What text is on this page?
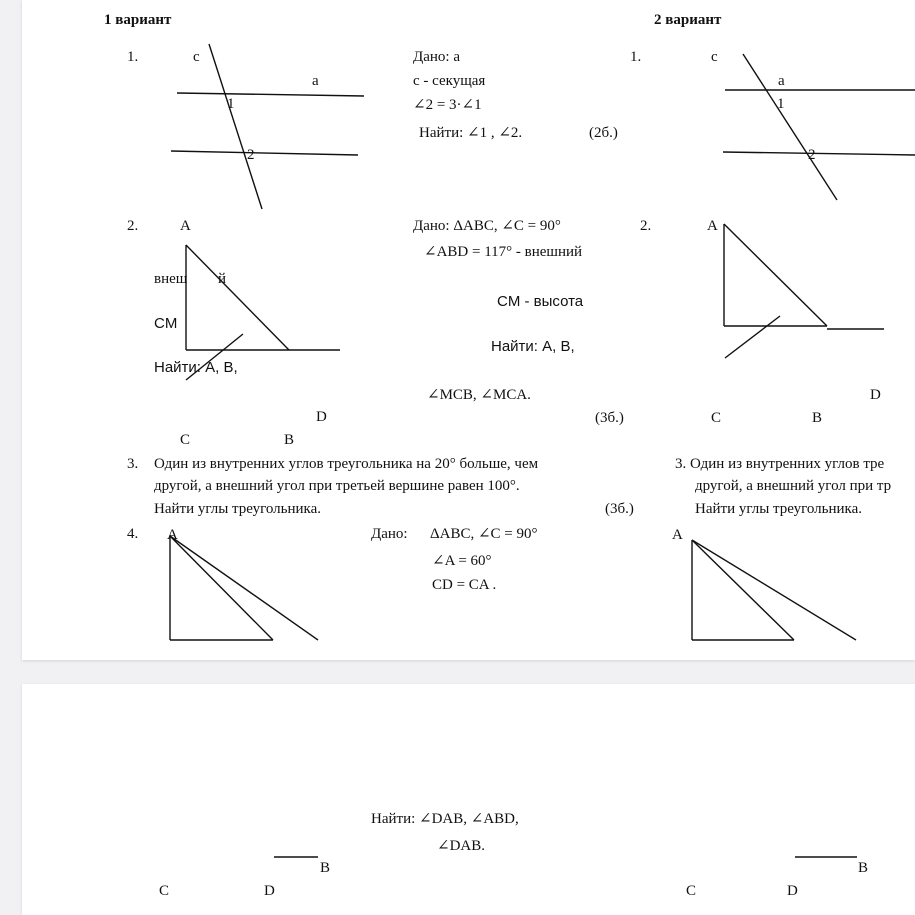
1 вариант	2 вариант
1.	c
a
1
2
Дано: a
c - секущая
∠2 = 3·∠1
Найти: ∠1 , ∠2.	(2б.)
1.	c
a
1
2
2.	A
внеш й
CM
Найти: A, B,
Дано: ΔABC, ∠C = 90°
∠ABD = 117° - внешний
CM - высота
Найти: A, B,
∠MCB, ∠MCA.
(3б.)
D
C	B
2.	A
D
C	B
3. Один из внутренних углов треугольника на 20° больше, чем
другой, а внешний угол при третьей вершине равен 100°.
Найти углы треугольника.	(3б.)
3. Один из внутренних углов тре
другой, а внешний угол при тр
Найти углы треугольника.
4. A	Дано: ΔABC, ∠C = 90°
∠A = 60°
CD = CA .
A
Найти: ∠DAB, ∠ABD,
∠DAB.
B
C	D
B
C	D
